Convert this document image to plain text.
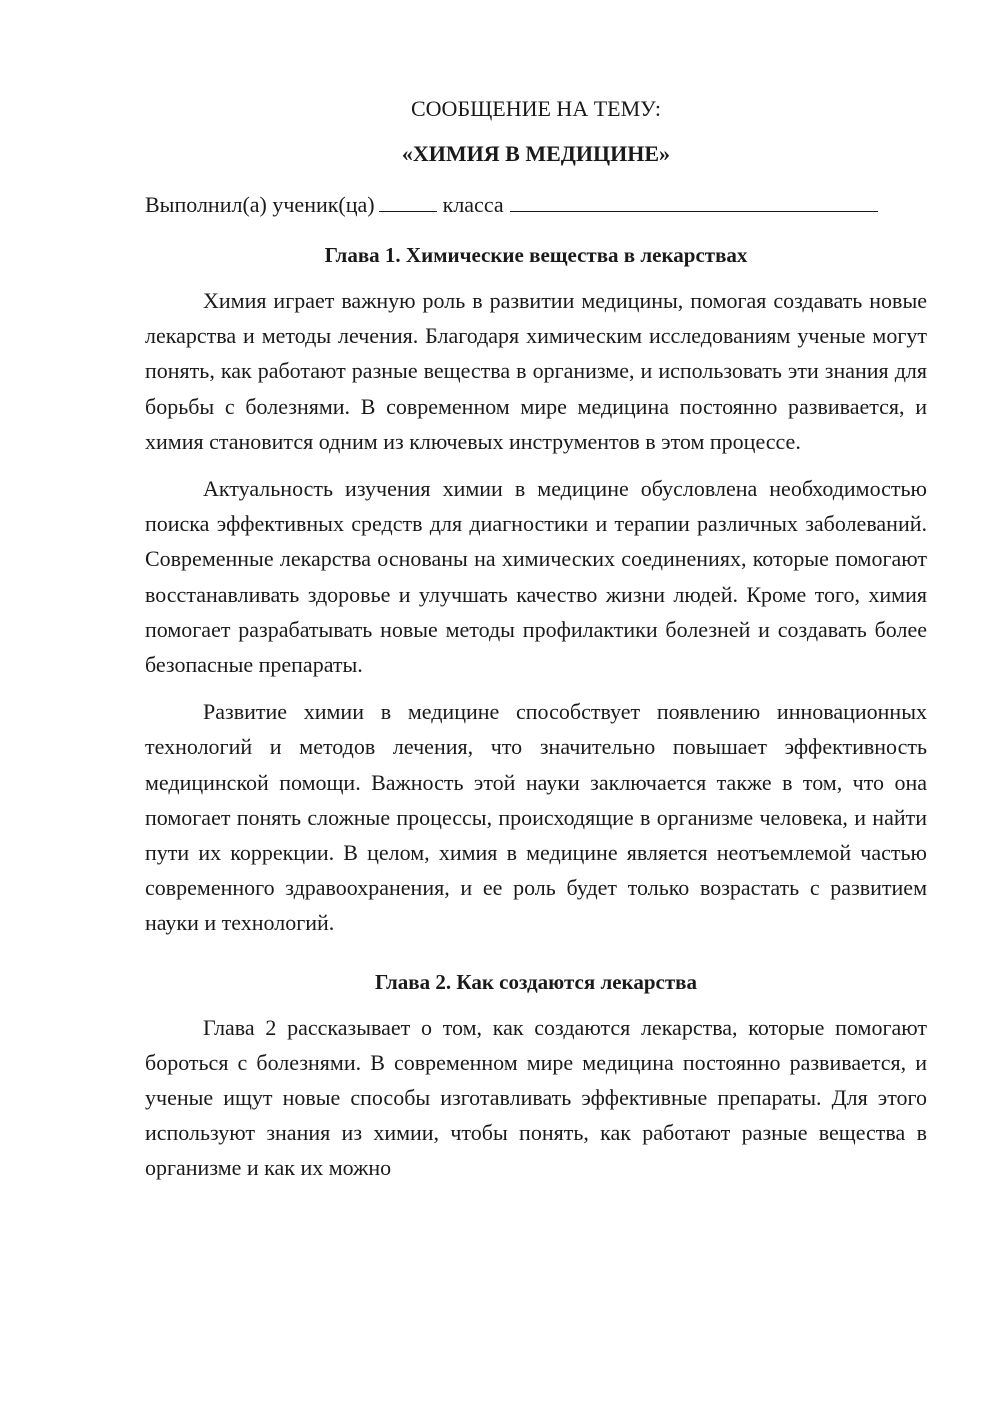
СООБЩЕНИЕ НА ТЕМУ:

«ХИМИЯ В МЕДИЦИНЕ»

Выполнил(а) ученик(ца)	класса
Глава 1. Химические вещества в лекарствах

Химия играет важную роль в развитии медицины, помогая создавать новые лекарства и методы лечения. Благодаря химическим исследованиям ученые могут понять, как работают разные вещества в организме, и использовать эти знания для борьбы с болезнями. В современном мире медицина постоянно развивается, и химия становится одним из ключевых инструментов в этом процессе.

Актуальность изучения химии в медицине обусловлена необходимостью поиска эффективных средств для диагностики и терапии различных заболеваний. Современные лекарства основаны на химических соединениях, которые помогают восстанавливать здоровье и улучшать качество жизни людей. Кроме того, химия помогает разрабатывать новые методы профилактики болезней и создавать более безопасные препараты.

Развитие химии в медицине способствует появлению инновационных технологий и методов лечения, что значительно повышает эффективность медицинской помощи. Важность этой науки заключается также в том, что она помогает понять сложные процессы, происходящие в организме человека, и найти пути их коррекции. В целом, химия в медицине является неотъемлемой частью современного здравоохранения, и ее роль будет только возрастать с развитием науки и технологий.

Глава 2. Как создаются лекарства

Глава 2 рассказывает о том, как создаются лекарства, которые помогают бороться с болезнями. В современном мире медицина постоянно развивается, и ученые ищут новые способы изготавливать эффективные препараты. Для этого используют знания из химии, чтобы понять, как работают разные вещества в организме и как их можно
